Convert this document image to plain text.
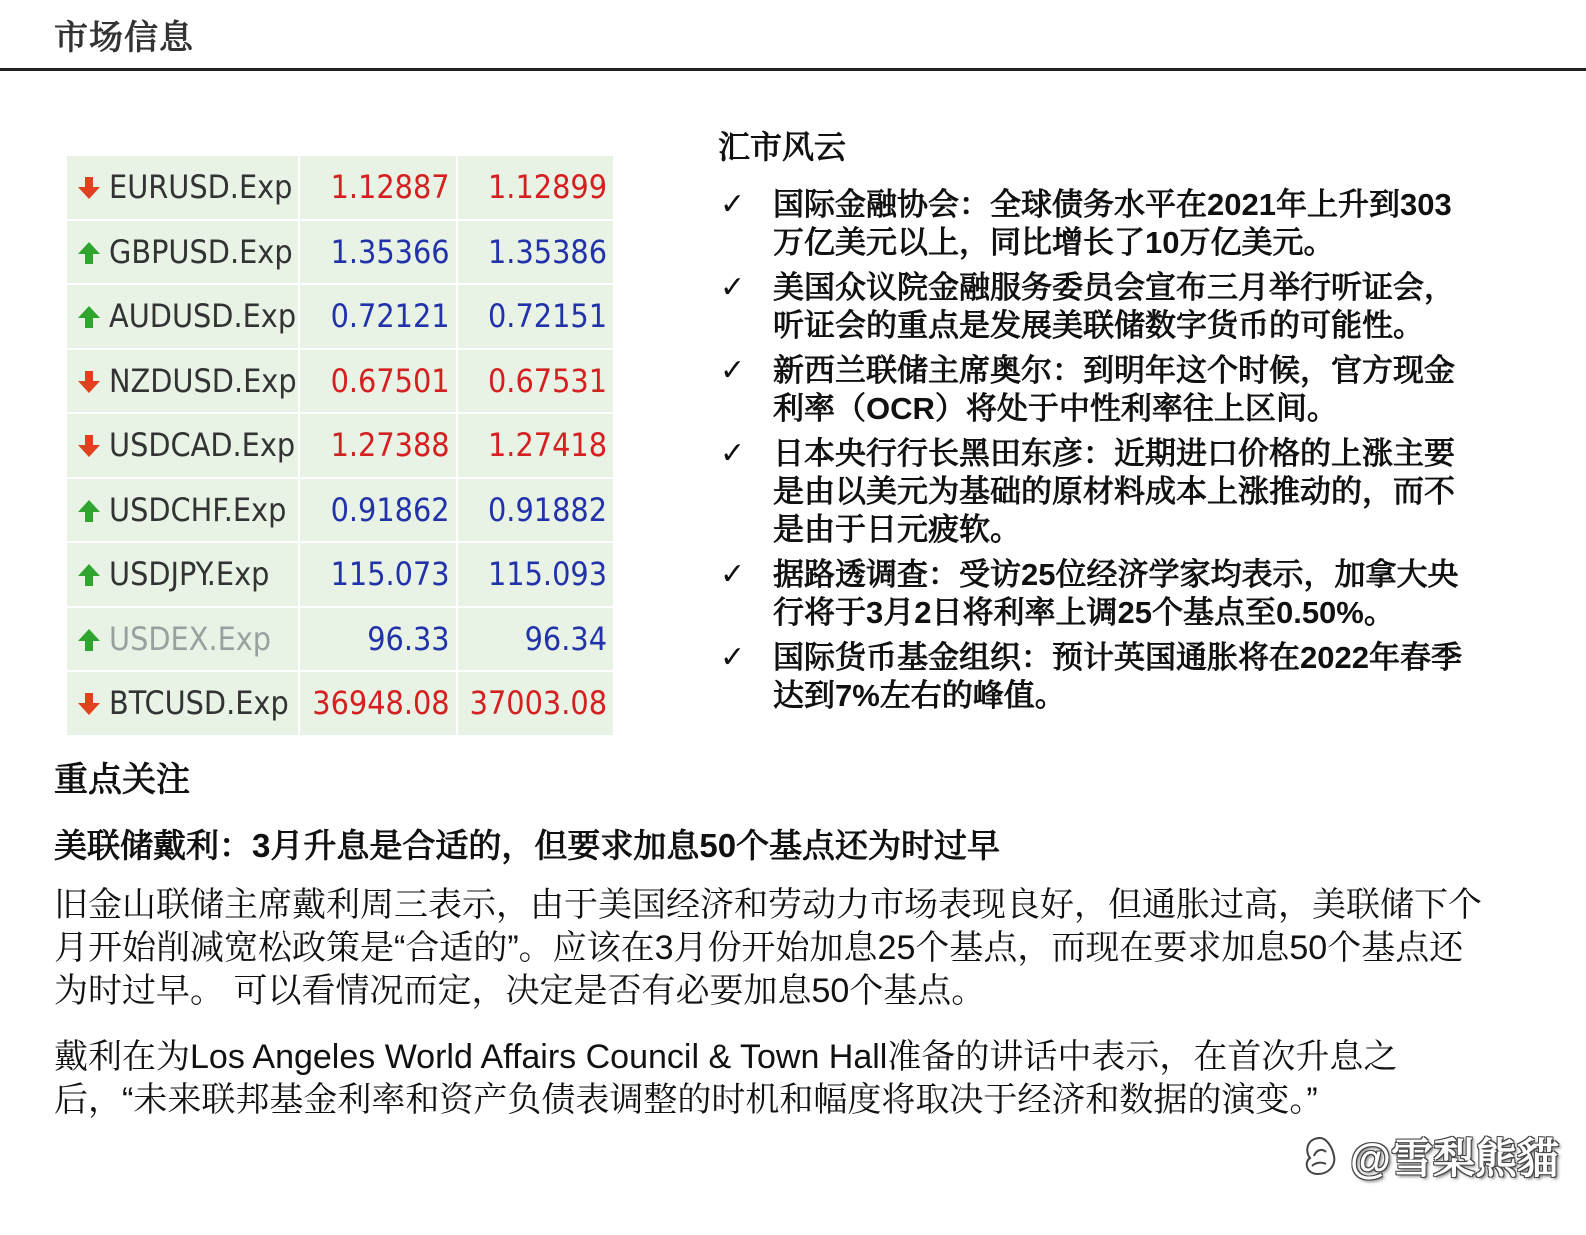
市场信息
EURUSD.Exp	1.12887	1.12899
GBPUSD.Exp	1.35366	1.35386
AUDUSD.Exp	0.72121	0.72151
NZDUSD.Exp	0.67501	0.67531
USDCAD.Exp	1.27388	1.27418
USDCHF.Exp	0.91862	0.91882
USDJPY.Exp	115.073	115.093
USDEX.Exp	96.33	96.34
BTCUSD.Exp	36948.08	37003.08
汇市风云
✓ 国际金融协会：全球债务水平在2021年上升到303万亿美元以上，同比增长了10万亿美元。
✓ 美国众议院金融服务委员会宣布三月举行听证会，听证会的重点是发展美联储数字货币的可能性。
✓ 新西兰联储主席奥尔：到明年这个时候，官方现金利率（OCR）将处于中性利率往上区间。
✓ 日本央行行长黑田东彦：近期进口价格的上涨主要是由以美元为基础的原材料成本上涨推动的，而不是由于日元疲软。
✓ 据路透调查：受访25位经济学家均表示，加拿大央行将于3月2日将利率上调25个基点至0.50%。
✓ 国际货币基金组织：预计英国通胀将在2022年春季达到7%左右的峰值。
重点关注
美联储戴利：3月升息是合适的，但要求加息50个基点还为时过早

旧金山联储主席戴利周三表示，由于美国经济和劳动力市场表现良好，但通胀过高，美联储下个月开始削减宽松政策是“合适的”。应该在3月份开始加息25个基点，而现在要求加息50个基点还为时过早。 可以看情况而定，决定是否有必要加息50个基点。

戴利在为Los Angeles World Affairs Council & Town Hall准备的讲话中表示，在首次升息之后，“未来联邦基金利率和资产负债表调整的时机和幅度将取决于经济和数据的演变。”

@雪梨熊貓
